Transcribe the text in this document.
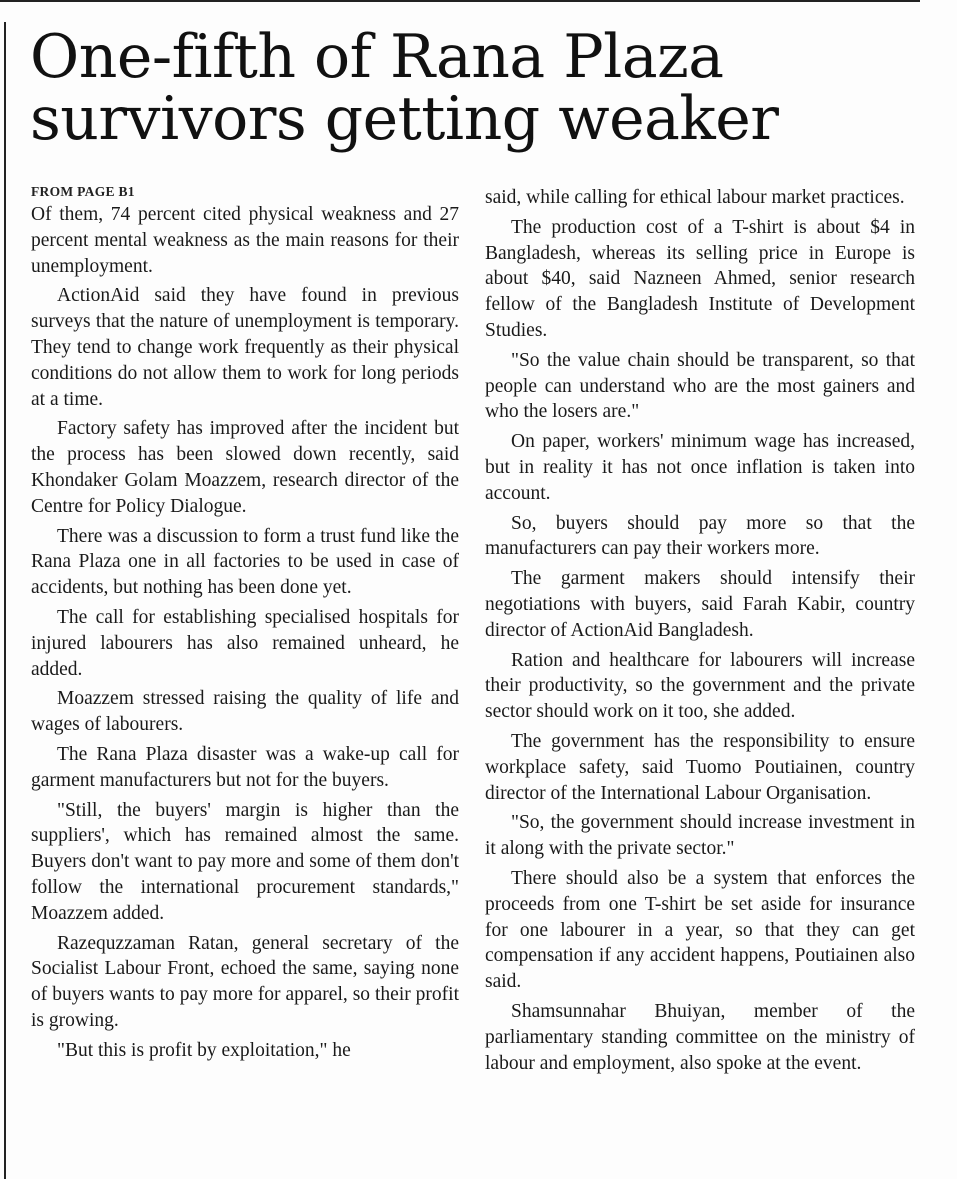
One-fifth of Rana Plaza survivors getting weaker
FROM PAGE B1

Of them, 74 percent cited physical weakness and 27 percent mental weakness as the main reasons for their unemployment.

ActionAid said they have found in previous surveys that the nature of unemployment is temporary. They tend to change work frequently as their physical conditions do not allow them to work for long periods at a time.

Factory safety has improved after the incident but the process has been slowed down recently, said Khondaker Golam Moazzem, research director of the Centre for Policy Dialogue.

There was a discussion to form a trust fund like the Rana Plaza one in all factories to be used in case of accidents, but nothing has been done yet.

The call for establishing specialised hospitals for injured labourers has also remained unheard, he added.

Moazzem stressed raising the quality of life and wages of labourers.

The Rana Plaza disaster was a wake-up call for garment manufacturers but not for the buyers.

"Still, the buyers' margin is higher than the suppliers', which has remained almost the same. Buyers don't want to pay more and some of them don't follow the international procurement standards," Moazzem added.

Razequzzaman Ratan, general secretary of the Socialist Labour Front, echoed the same, saying none of buyers wants to pay more for apparel, so their profit is growing.

"But this is profit by exploitation," he

said, while calling for ethical labour market practices.

The production cost of a T-shirt is about $4 in Bangladesh, whereas its selling price in Europe is about $40, said Nazneen Ahmed, senior research fellow of the Bangladesh Institute of Development Studies.

"So the value chain should be transparent, so that people can understand who are the most gainers and who the losers are."

On paper, workers' minimum wage has increased, but in reality it has not once inflation is taken into account.

So, buyers should pay more so that the manufacturers can pay their workers more.

The garment makers should intensify their negotiations with buyers, said Farah Kabir, country director of ActionAid Bangladesh.

Ration and healthcare for labourers will increase their productivity, so the government and the private sector should work on it too, she added.

The government has the responsibility to ensure workplace safety, said Tuomo Poutiainen, country director of the International Labour Organisation.

"So, the government should increase investment in it along with the private sector."

There should also be a system that enforces the proceeds from one T-shirt be set aside for insurance for one labourer in a year, so that they can get compensation if any accident happens, Poutiainen also said.

Shamsunnahar Bhuiyan, member of the parliamentary standing committee on the ministry of labour and employment, also spoke at the event.
